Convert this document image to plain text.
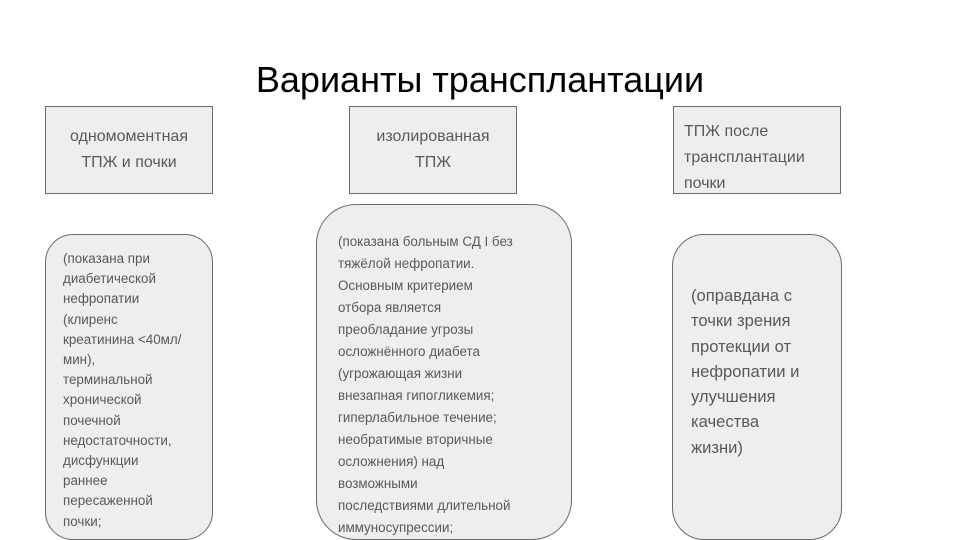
Варианты трансплантации
одномоментная
ТПЖ и почки
изолированная
ТПЖ
ТПЖ после
трансплантации
почки
(показана при
диабетической
нефропатии
(клиренс
креатинина <40мл/
мин),
терминальной
хронической
почечной
недостаточности,
дисфункции
раннее
пересаженной
почки;
(показана больным СД I без
тяжёлой нефропатии.
Основным критерием
отбора является
преобладание угрозы
осложнённого диабета
(угрожающая жизни
внезапная гипогликемия;
гиперлабильное течение;
необратимые вторичные
осложнения) над
возможными
последствиями длительной
иммуносупрессии;
(оправдана с
точки зрения
протекции от
нефропатии и
улучшения
качества
жизни)
